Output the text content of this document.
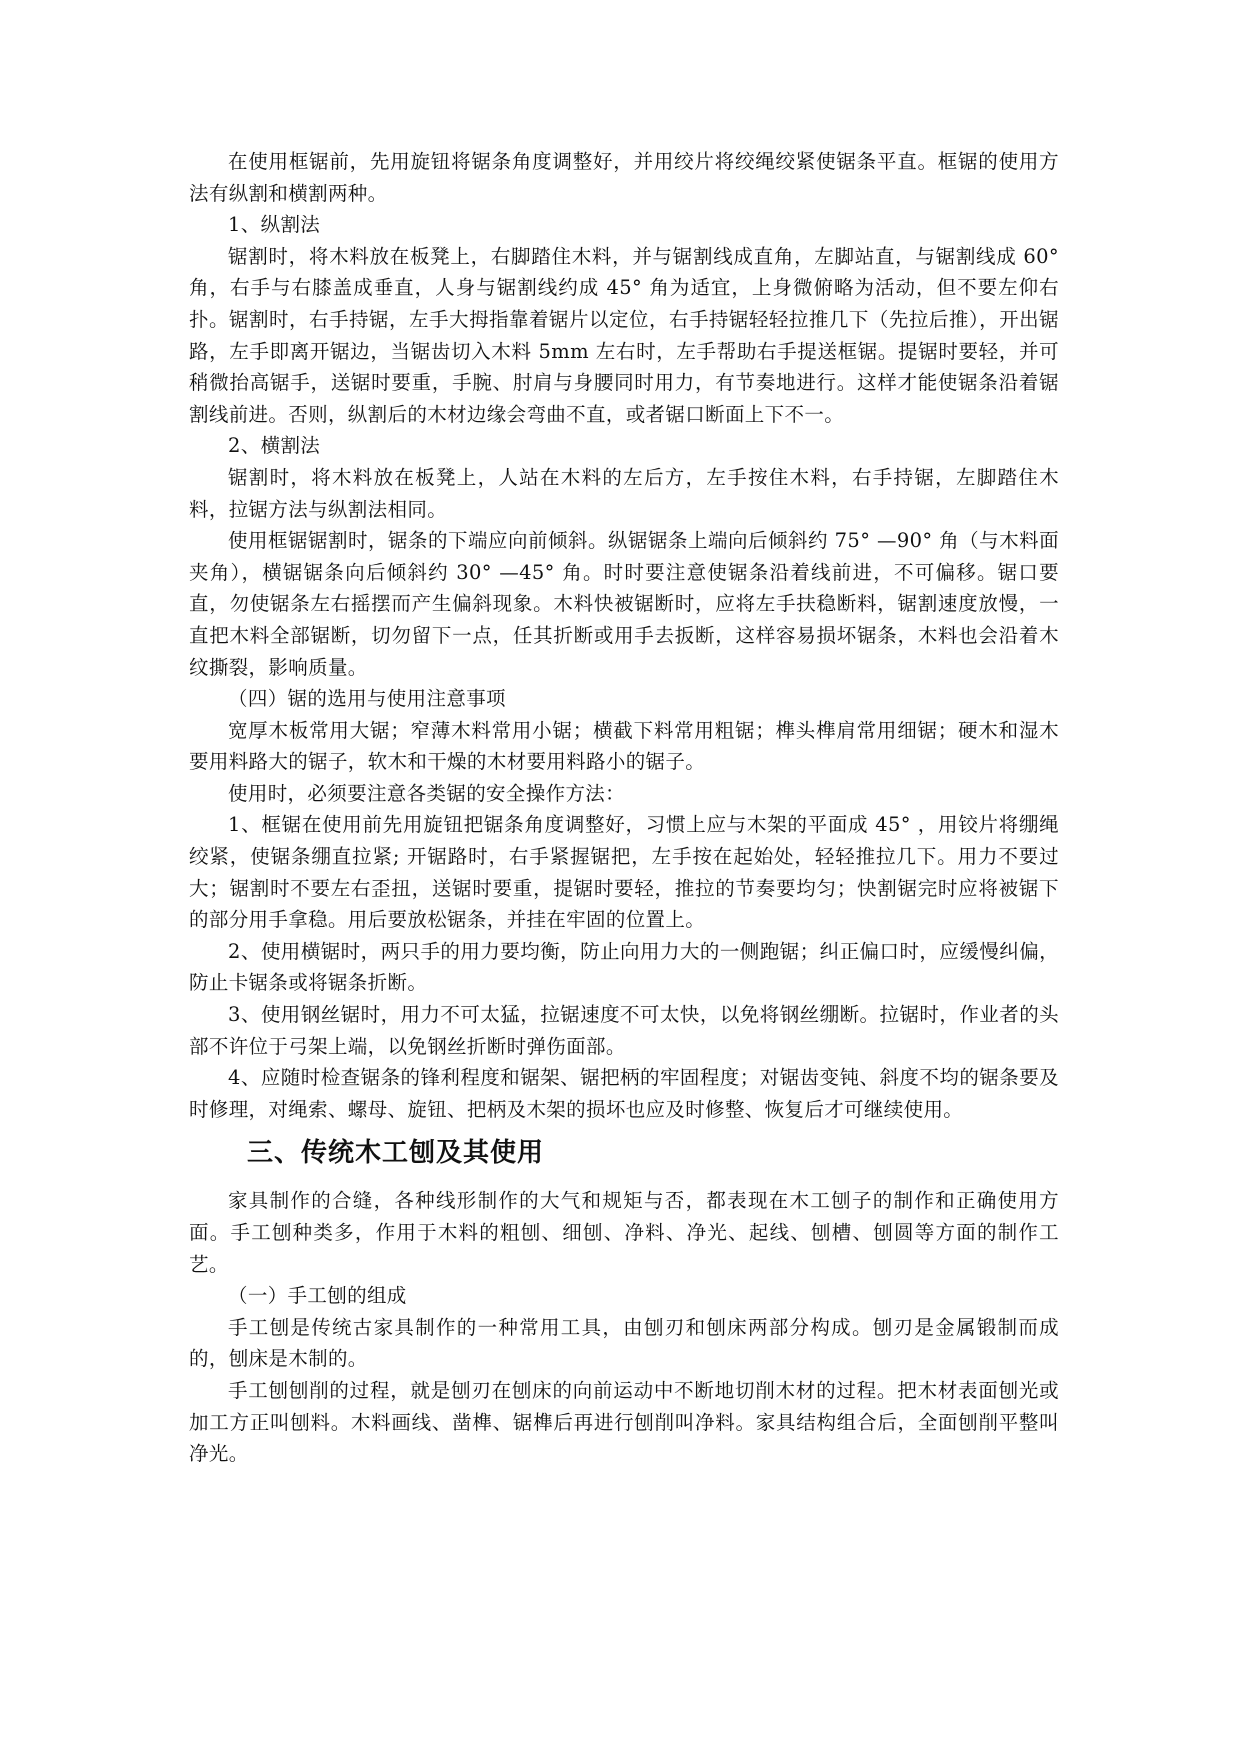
在使用框锯前，先用旋钮将锯条角度调整好，并用绞片将绞绳绞紧使锯条平直。框锯的使用方法有纵割和横割两种。

1、纵割法

锯割时，将木料放在板凳上，右脚踏住木料，并与锯割线成直角，左脚站直，与锯割线成 60° 角，右手与右膝盖成垂直，人身与锯割线约成 45° 角为适宜，上身微俯略为活动，但不要左仰右扑。锯割时，右手持锯，左手大拇指靠着锯片以定位，右手持锯轻轻拉推几下（先拉后推），开出锯路，左手即离开锯边，当锯齿切入木料 5mm 左右时，左手帮助右手提送框锯。提锯时要轻，并可稍微抬高锯手，送锯时要重，手腕、肘肩与身腰同时用力，有节奏地进行。这样才能使锯条沿着锯割线前进。否则，纵割后的木材边缘会弯曲不直，或者锯口断面上下不一。

2、横割法

锯割时，将木料放在板凳上，人站在木料的左后方，左手按住木料，右手持锯，左脚踏住木料，拉锯方法与纵割法相同。

使用框锯锯割时，锯条的下端应向前倾斜。纵锯锯条上端向后倾斜约 75° —90° 角（与木料面夹角），横锯锯条向后倾斜约 30° —45° 角。时时要注意使锯条沿着线前进，不可偏移。锯口要直，勿使锯条左右摇摆而产生偏斜现象。木料快被锯断时，应将左手扶稳断料，锯割速度放慢，一直把木料全部锯断，切勿留下一点，任其折断或用手去扳断，这样容易损坏锯条，木料也会沿着木纹撕裂，影响质量。

（四）锯的选用与使用注意事项

宽厚木板常用大锯；窄薄木料常用小锯；横截下料常用粗锯；榫头榫肩常用细锯；硬木和湿木要用料路大的锯子，软木和干燥的木材要用料路小的锯子。

使用时，必须要注意各类锯的安全操作方法：

1、框锯在使用前先用旋钮把锯条角度调整好，习惯上应与木架的平面成 45° ，用铰片将绷绳绞紧，使锯条绷直拉紧; 开锯路时，右手紧握锯把，左手按在起始处，轻轻推拉几下。用力不要过大；锯割时不要左右歪扭，送锯时要重，提锯时要轻，推拉的节奏要均匀；快割锯完时应将被锯下的部分用手拿稳。用后要放松锯条，并挂在牢固的位置上。

2、使用横锯时，两只手的用力要均衡，防止向用力大的一侧跑锯；纠正偏口时，应缓慢纠偏，防止卡锯条或将锯条折断。

3、使用钢丝锯时，用力不可太猛，拉锯速度不可太快，以免将钢丝绷断。拉锯时，作业者的头部不许位于弓架上端，以免钢丝折断时弹伤面部。

4、应随时检查锯条的锋利程度和锯架、锯把柄的牢固程度；对锯齿变钝、斜度不均的锯条要及时修理，对绳索、螺母、旋钮、把柄及木架的损坏也应及时修整、恢复后才可继续使用。

三、传统木工刨及其使用

家具制作的合缝，各种线形制作的大气和规矩与否，都表现在木工刨子的制作和正确使用方面。手工刨种类多，作用于木料的粗刨、细刨、净料、净光、起线、刨槽、刨圆等方面的制作工艺。

（一）手工刨的组成

手工刨是传统古家具制作的一种常用工具，由刨刃和刨床两部分构成。刨刃是金属锻制而成的，刨床是木制的。

手工刨刨削的过程，就是刨刃在刨床的向前运动中不断地切削木材的过程。把木材表面刨光或加工方正叫刨料。木料画线、凿榫、锯榫后再进行刨削叫净料。家具结构组合后，全面刨削平整叫净光。
